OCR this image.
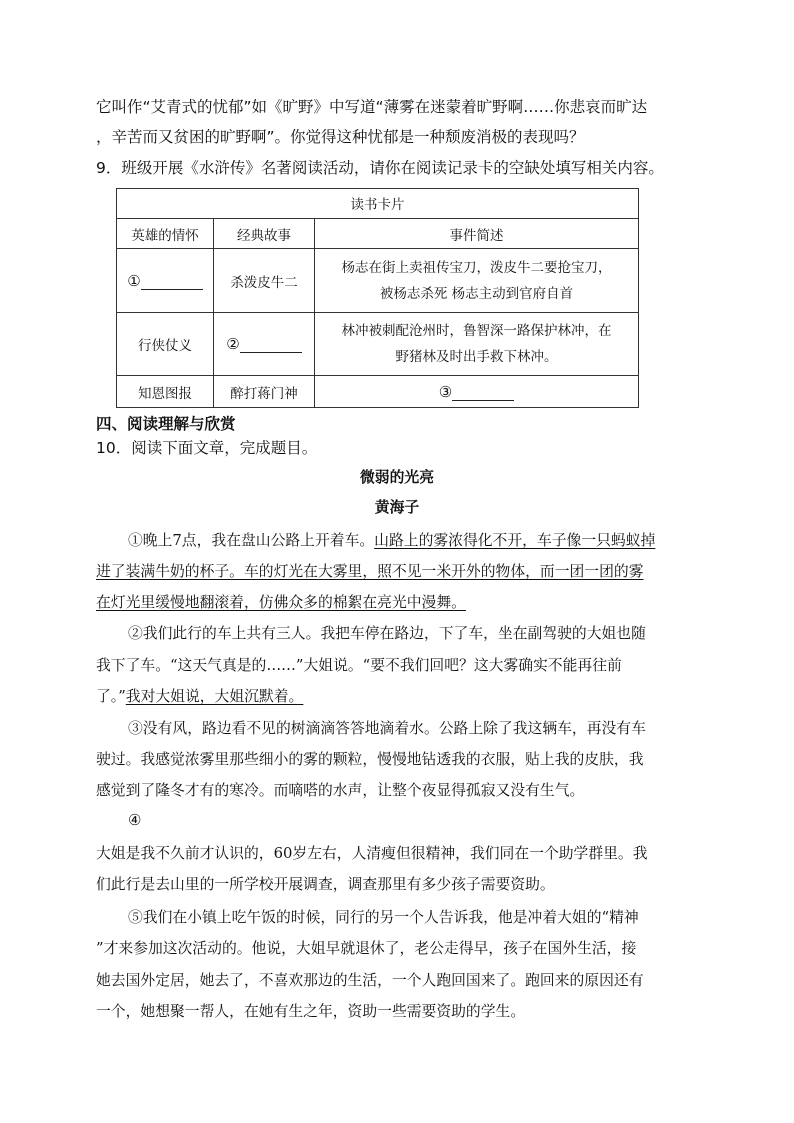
它叫作“艾青式的忧郁”如《旷野》中写道“薄雾在迷蒙着旷野啊……你悲哀而旷达
，辛苦而又贫困的旷野啊”。你觉得这种忧郁是一种颓废消极的表现吗？
9．班级开展《水浒传》名著阅读活动，请你在阅读记录卡的空缺处填写相关内容。
读书卡片		
英雄的情怀	经典故事	事件简述
①	杀泼皮牛二	杨志在街上卖祖传宝刀，泼皮牛二要抢宝刀，
被杨志杀死 杨志主动到官府自首

行侠仗义	②	林冲被刺配沧州时，鲁智深一路保护林冲，在
野猪林及时出手救下林冲。

知恩图报	醉打蒋门神	③
四、阅读理解与欣赏
10．阅读下面文章，完成题目。
微弱的光亮
黄海子
①晚上7点，我在盘山公路上开着车。山路上的雾浓得化不开，车子像一只蚂蚁掉
进了装满牛奶的杯子。车的灯光在大雾里，照不见一米开外的物体，而一团一团的雾
在灯光里缓慢地翻滚着，仿佛众多的棉絮在亮光中漫舞。
②我们此行的车上共有三人。我把车停在路边，下了车，坐在副驾驶的大姐也随
我下了车。“这天气真是的……”大姐说。“要不我们回吧？这大雾确实不能再往前
了。”我对大姐说，大姐沉默着。
③没有风，路边看不见的树滴滴答答地滴着水。公路上除了我这辆车，再没有车
驶过。我感觉浓雾里那些细小的雾的颗粒，慢慢地钻透我的衣服，贴上我的皮肤，我
感觉到了隆冬才有的寒冷。而嘀嗒的水声，让整个夜显得孤寂又没有生气。
④
大姐是我不久前才认识的，60岁左右，人清瘦但很精神，我们同在一个助学群里。我
们此行是去山里的一所学校开展调查，调查那里有多少孩子需要资助。
⑤我们在小镇上吃午饭的时候，同行的另一个人告诉我，他是冲着大姐的“精神
”才来参加这次活动的。他说，大姐早就退休了，老公走得早，孩子在国外生活，接
她去国外定居，她去了，不喜欢那边的生活，一个人跑回国来了。跑回来的原因还有
一个，她想聚一帮人，在她有生之年，资助一些需要资助的学生。
